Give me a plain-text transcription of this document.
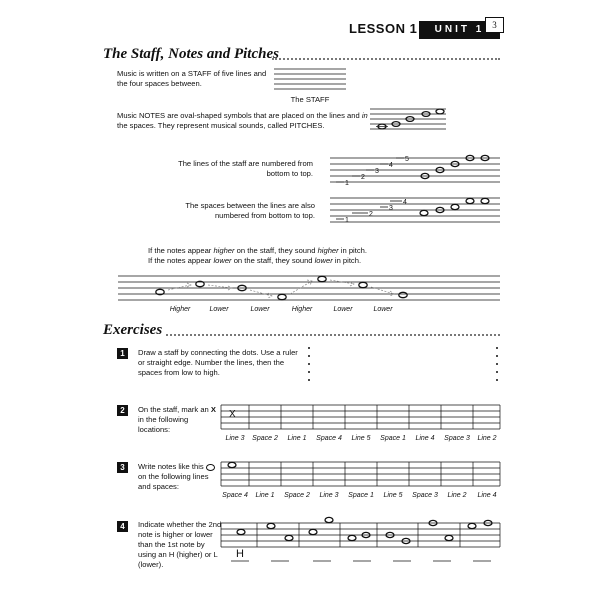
LESSON 1	UNIT 1 3
The Staff, Notes and Pitches
Music is written on a STAFF of five lines and the four spaces between.
The STAFF
Music NOTES are oval-shaped symbols that are placed on the lines and in the spaces. They represent musical sounds, called PITCHES.
The lines of the staff are numbered from bottom to top.
The spaces between the lines are also numbered from bottom to top.
If the notes appear higher on the staff, they sound higher in pitch.
If the notes appear lower on the staff, they sound lower in pitch.
Higher	Lower	Lower	Higher	Lower	Lower
Exercises
1	Draw a staff by connecting the dots. Use a ruler or straight edge. Number the lines, then the spaces from low to high.
2	On the staff, mark an X in the following locations:
X
3	Write notes like this  on the following lines and spaces:
4	Indicate whether the 2nd note is higher or lower than the 1st note by using an H (higher) or L (lower).
H
Line 3	Space 2	Line 1	Space 4	Line 5	Space 1	Line 4	Space 3	Line 2
Space 4	Line 1	Space 2	Line 3	Space 1	Line 5	Space 3	Line 2	Line 4
1
2
3
4
5
1
2
3
4
